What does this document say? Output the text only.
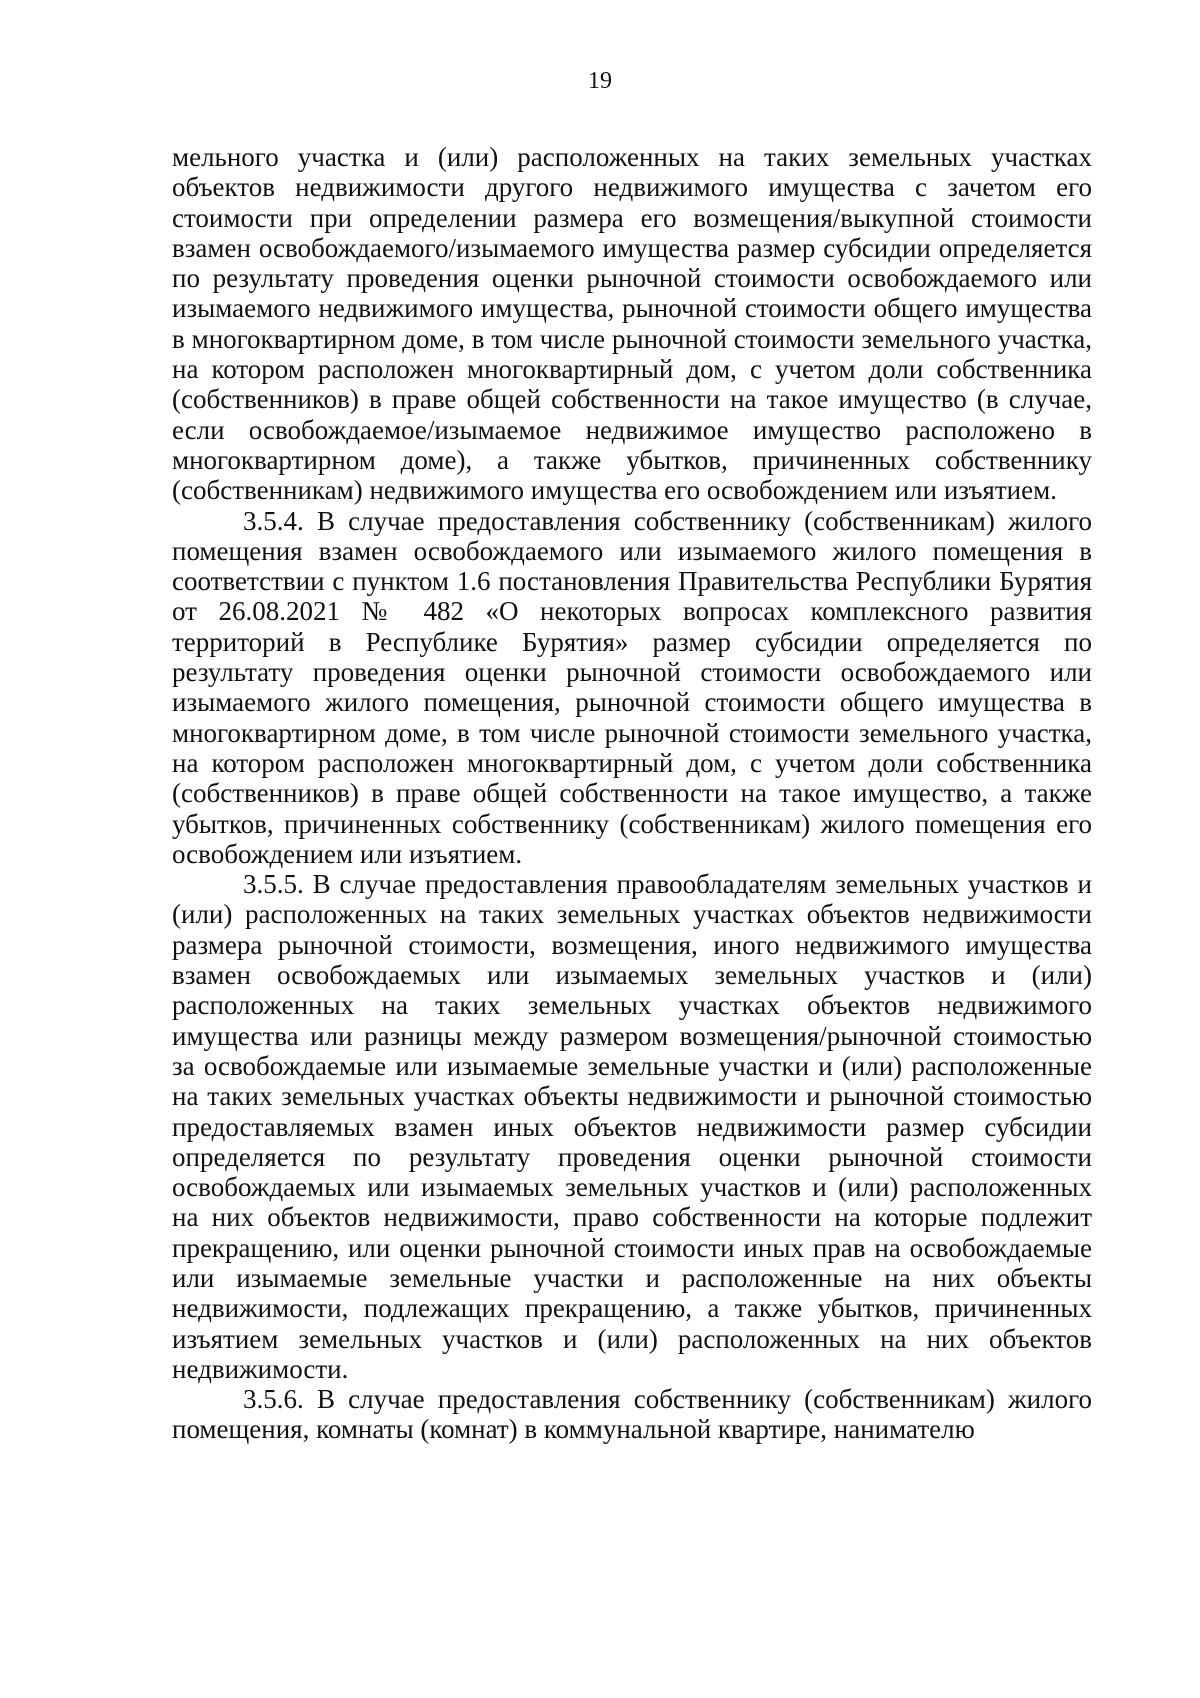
19

мельного участка и (или) расположенных на таких земельных участках объектов недвижимости другого недвижимого имущества с зачетом его стоимости при определении размера его возмещения/выкупной стоимости взамен освобождаемого/изымаемого имущества размер субсидии определяется по результату проведения оценки рыночной стоимости освобождаемого или изымаемого недвижимого имущества, рыночной стоимости общего имущества в многоквартирном доме, в том числе рыночной стоимости земельного участка, на котором расположен многоквартирный дом, с учетом доли собственника (собственников) в праве общей собственности на такое имущество (в случае, если освобождаемое/изымаемое недвижимое имущество расположено в многоквартирном доме), а также убытков, причиненных собственнику (собственникам) недвижимого имущества его освобождением или изъятием.

3.5.4. В случае предоставления собственнику (собственникам) жилого помещения взамен освобождаемого или изымаемого жилого помещения в соответствии с пунктом 1.6 постановления Правительства Республики Бурятия от 26.08.2021 № 482 «О некоторых вопросах комплексного развития территорий в Республике Бурятия» размер субсидии определяется по результату проведения оценки рыночной стоимости освобождаемого или изымаемого жилого помещения, рыночной стоимости общего имущества в многоквартирном доме, в том числе рыночной стоимости земельного участка, на котором расположен многоквартирный дом, с учетом доли собственника (собственников) в праве общей собственности на такое имущество, а также убытков, причиненных собственнику (собственникам) жилого помещения его освобождением или изъятием.

3.5.5. В случае предоставления правообладателям земельных участков и (или) расположенных на таких земельных участках объектов недвижимости размера рыночной стоимости, возмещения, иного недвижимого имущества взамен освобождаемых или изымаемых земельных участков и (или) расположенных на таких земельных участках объектов недвижимого имущества или разницы между размером возмещения/рыночной стоимостью за освобождаемые или изымаемые земельные участки и (или) расположенные на таких земельных участках объекты недвижимости и рыночной стоимостью предоставляемых взамен иных объектов недвижимости размер субсидии определяется по результату проведения оценки рыночной стоимости освобождаемых или изымаемых земельных участков и (или) расположенных на них объектов недвижимости, право собственности на которые подлежит прекращению, или оценки рыночной стоимости иных прав на освобождаемые или изымаемые земельные участки и расположенные на них объекты недвижимости, подлежащих прекращению, а также убытков, причиненных изъятием земельных участков и (или) расположенных на них объектов недвижимости.

3.5.6. В случае предоставления собственнику (собственникам) жилого помещения, комнаты (комнат) в коммунальной квартире, нанимателю
